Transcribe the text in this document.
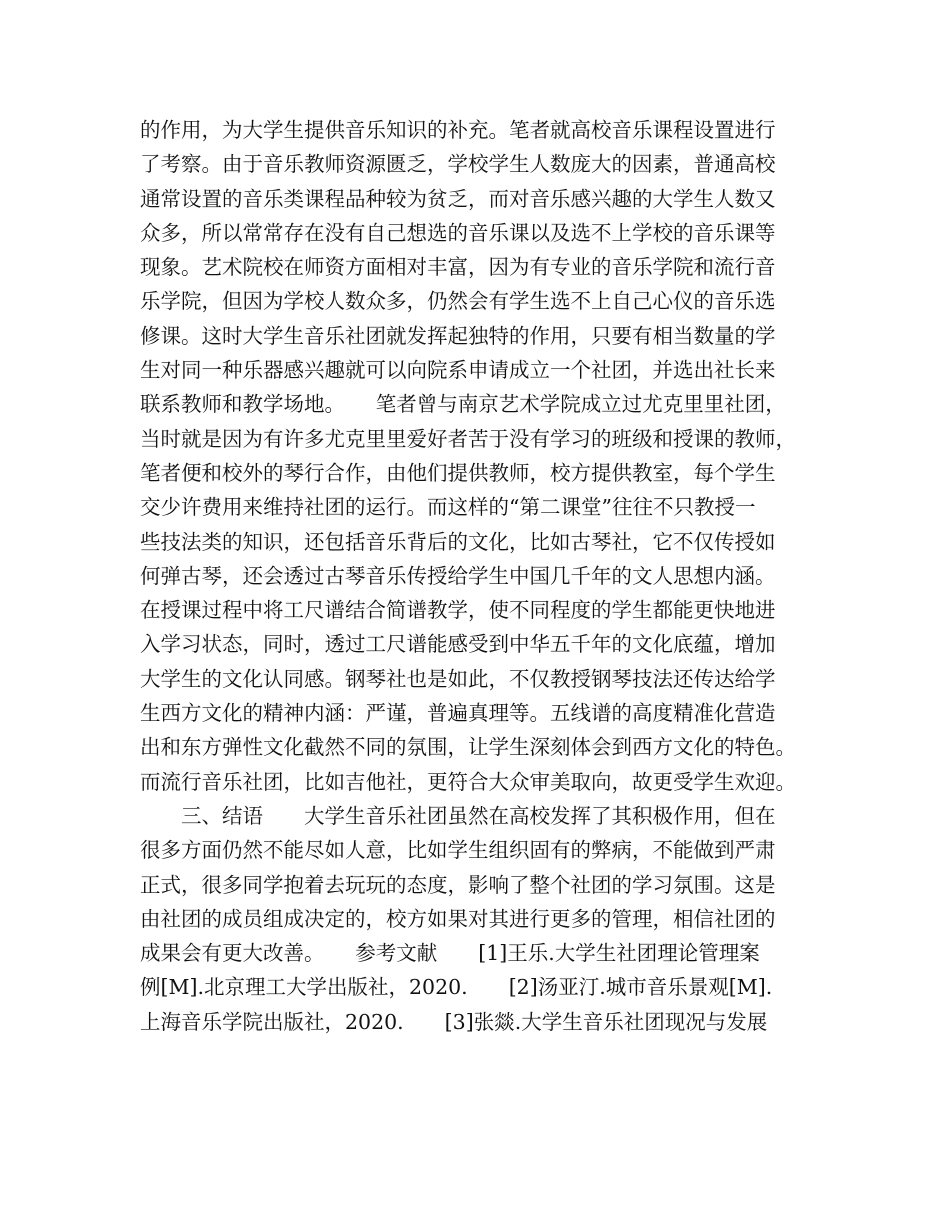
的作用，为大学生提供音乐知识的补充。笔者就高校音乐课程设置进行
了考察。由于音乐教师资源匮乏，学校学生人数庞大的因素，普通高校
通常设置的音乐类课程品种较为贫乏，而对音乐感兴趣的大学生人数又
众多，所以常常存在没有自己想选的音乐课以及选不上学校的音乐课等
现象。艺术院校在师资方面相对丰富，因为有专业的音乐学院和流行音
乐学院，但因为学校人数众多，仍然会有学生选不上自己心仪的音乐选
修课。这时大学生音乐社团就发挥起独特的作用，只要有相当数量的学
生对同一种乐器感兴趣就可以向院系申请成立一个社团，并选出社长来
联系教师和教学场地。　　笔者曾与南京艺术学院成立过尤克里里社团，
当时就是因为有许多尤克里里爱好者苦于没有学习的班级和授课的教师，
笔者便和校外的琴行合作，由他们提供教师，校方提供教室，每个学生
交少许费用来维持社团的运行。而这样的“第二课堂”往往不只教授一
些技法类的知识，还包括音乐背后的文化，比如古琴社，它不仅传授如
何弹古琴，还会透过古琴音乐传授给学生中国几千年的文人思想内涵。
在授课过程中将工尺谱结合简谱教学，使不同程度的学生都能更快地进
入学习状态，同时，透过工尺谱能感受到中华五千年的文化底蕴，增加
大学生的文化认同感。钢琴社也是如此，不仅教授钢琴技法还传达给学
生西方文化的精神内涵：严谨，普遍真理等。五线谱的高度精准化营造
出和东方弹性文化截然不同的氛围，让学生深刻体会到西方文化的特色。
而流行音乐社团，比如吉他社，更符合大众审美取向，故更受学生欢迎。
　　三、结语　　大学生音乐社团虽然在高校发挥了其积极作用，但在
很多方面仍然不能尽如人意，比如学生组织固有的弊病，不能做到严肃
正式，很多同学抱着去玩玩的态度，影响了整个社团的学习氛围。这是
由社团的成员组成决定的，校方如果对其进行更多的管理，相信社团的
成果会有更大改善。　　参考文献　　[1]王乐.大学生社团理论管理案
例[M].北京理工大学出版社，2020.　　[2]汤亚汀.城市音乐景观[M].
上海音乐学院出版社，2020.　　[3]张燚.大学生音乐社团现况与发展
